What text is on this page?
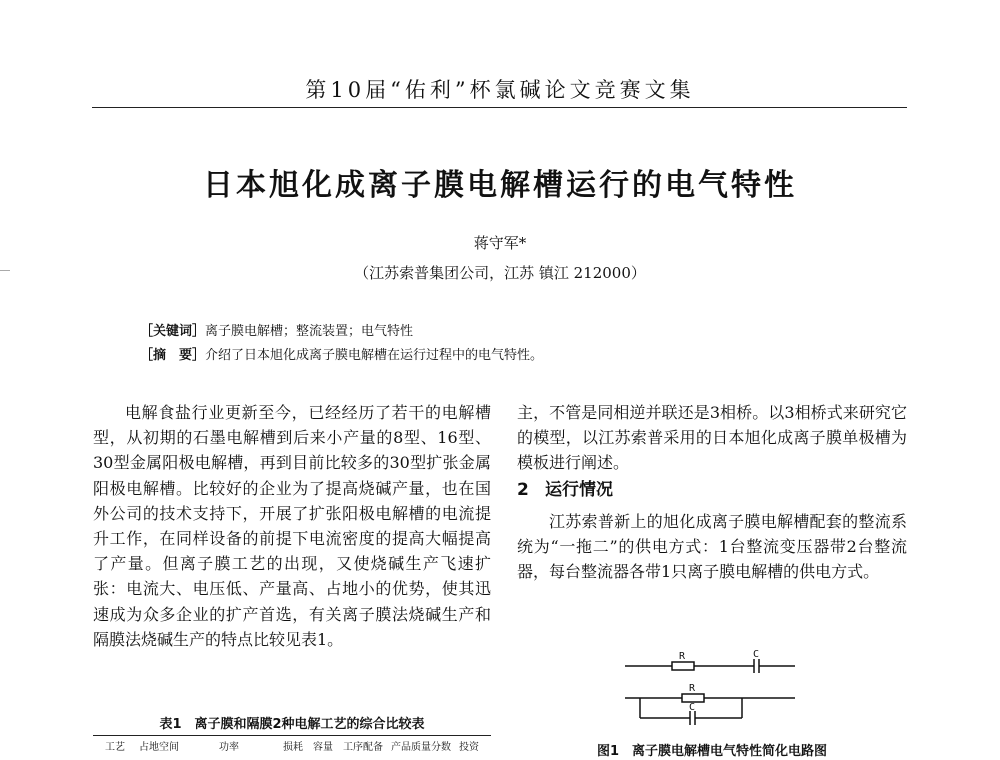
第10届“佑利”杯氯碱论文竞赛文集
日本旭化成离子膜电解槽运行的电气特性
蒋守军*
（江苏索普集团公司，江苏 镇江 212000）
［关键词］离子膜电解槽；整流装置；电气特性
［摘　要］介绍了日本旭化成离子膜电解槽在运行过程中的电气特性。

电解食盐行业更新至今，已经经历了若干的电解槽型，从初期的石墨电解槽到后来小产量的8型、16型、30型金属阳极电解槽，再到目前比较多的30型扩张金属阳极电解槽。比较好的企业为了提高烧碱产量，也在国外公司的技术支持下，开展了扩张阳极电解槽的电流提升工作，在同样设备的前提下电流密度的提高大幅提高了产量。但离子膜工艺的出现，又使烧碱生产飞速扩张：电流大、电压低、产量高、占地小的优势，使其迅速成为众多企业的扩产首选，有关离子膜法烧碱生产和隔膜法烧碱生产的特点比较见表1。

主，不管是同相逆并联还是3相桥。以3相桥式来研究它的模型，以江苏索普采用的日本旭化成离子膜单极槽为模板进行阐述。

2 运行情况

江苏索普新上的旭化成离子膜电解槽配套的整流系统为“一拖二”的供电方式：1台整流变压器带2台整流器，每台整流器各带1只离子膜电解槽的供电方式。

表1　离子膜和隔膜2种电解工艺的综合比较表
工艺 占地空间	功率	损耗 容量 工序配备 产品质量分数 投资
R	C
R
C
图1　离子膜电解槽电气特性简化电路图
